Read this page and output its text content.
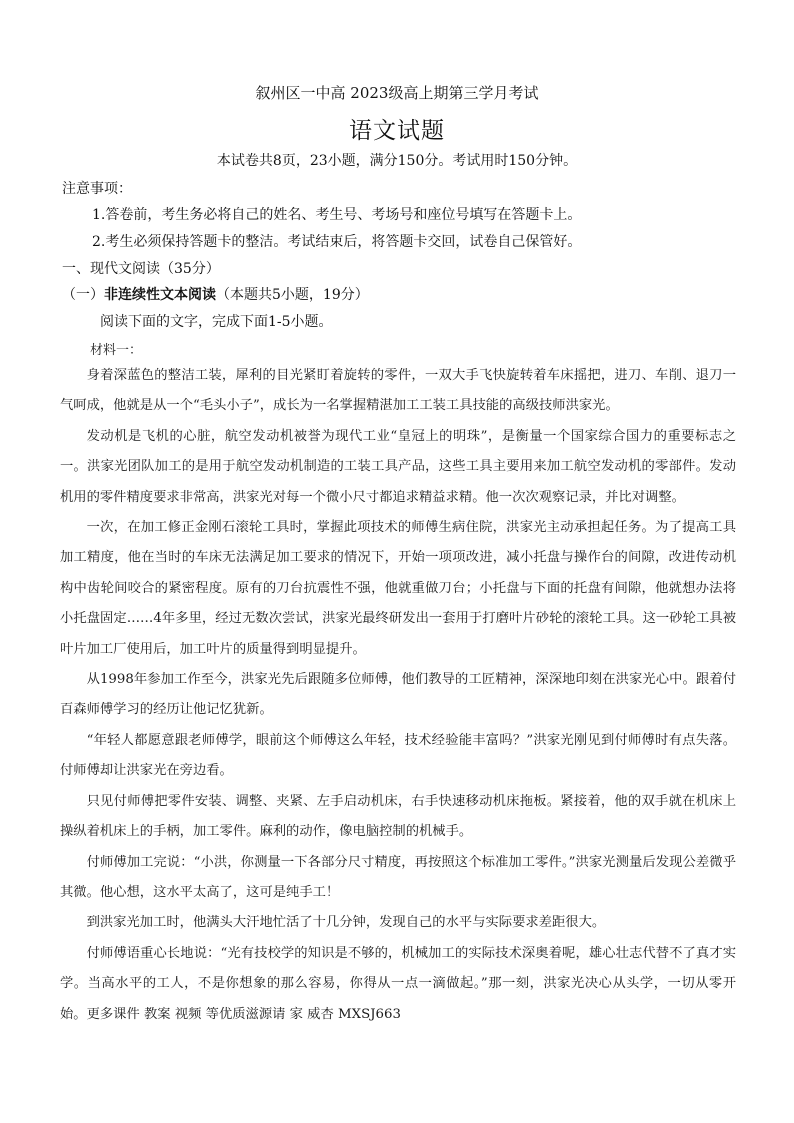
叙州区一中高 2023级高上期第三学月考试
语文试题
本试卷共8页，23小题，满分150分。考试用时150分钟。
注意事项：
1.答卷前，考生务必将自己的姓名、考生号、考场号和座位号填写在答题卡上。
2.考生必须保持答题卡的整洁。考试结束后，将答题卡交回，试卷自己保管好。
一、现代文阅读（35分）
（一）非连续性文本阅读（本题共5小题，19分）
阅读下面的文字，完成下面1-5小题。
材料一：

身着深蓝色的整洁工装，犀利的目光紧盯着旋转的零件，一双大手飞快旋转着车床摇把，进刀、车削、退刀一气呵成，他就是从一个“毛头小子”，成长为一名掌握精湛加工工装工具技能的高级技师洪家光。

发动机是飞机的心脏，航空发动机被誉为现代工业“皇冠上的明珠”，是衡量一个国家综合国力的重要标志之一。洪家光团队加工的是用于航空发动机制造的工装工具产品，这些工具主要用来加工航空发动机的零部件。发动机用的零件精度要求非常高，洪家光对每一个微小尺寸都追求精益求精。他一次次观察记录，并比对调整。

一次，在加工修正金刚石滚轮工具时，掌握此项技术的师傅生病住院，洪家光主动承担起任务。为了提高工具加工精度，他在当时的车床无法满足加工要求的情况下，开始一项项改进，减小托盘与操作台的间隙，改进传动机构中齿轮间咬合的紧密程度。原有的刀台抗震性不强，他就重做刀台；小托盘与下面的托盘有间隙，他就想办法将小托盘固定……4年多里，经过无数次尝试，洪家光最终研发出一套用于打磨叶片砂轮的滚轮工具。这一砂轮工具被叶片加工厂使用后，加工叶片的质量得到明显提升。

从1998年参加工作至今，洪家光先后跟随多位师傅，他们教导的工匠精神，深深地印刻在洪家光心中。跟着付百森师傅学习的经历让他记忆犹新。

“年轻人都愿意跟老师傅学，眼前这个师傅这么年轻，技术经验能丰富吗？”洪家光刚见到付师傅时有点失落。付师傅却让洪家光在旁边看。

只见付师傅把零件安装、调整、夹紧、左手启动机床，右手快速移动机床拖板。紧接着，他的双手就在机床上操纵着机床上的手柄，加工零件。麻利的动作，像电脑控制的机械手。

付师傅加工完说：“小洪，你测量一下各部分尺寸精度，再按照这个标准加工零件。”洪家光测量后发现公差微乎其微。他心想，这水平太高了，这可是纯手工！

到洪家光加工时，他满头大汗地忙活了十几分钟，发现自己的水平与实际要求差距很大。

付师傅语重心长地说：“光有技校学的知识是不够的，机械加工的实际技术深奥着呢，雄心壮志代替不了真才实学。当高水平的工人，不是你想象的那么容易，你得从一点一滴做起。”那一刻，洪家光决心从头学，一切从零开始。更多课件 教案 视频 等优质滋源请 家 威杏 MXSJ663
